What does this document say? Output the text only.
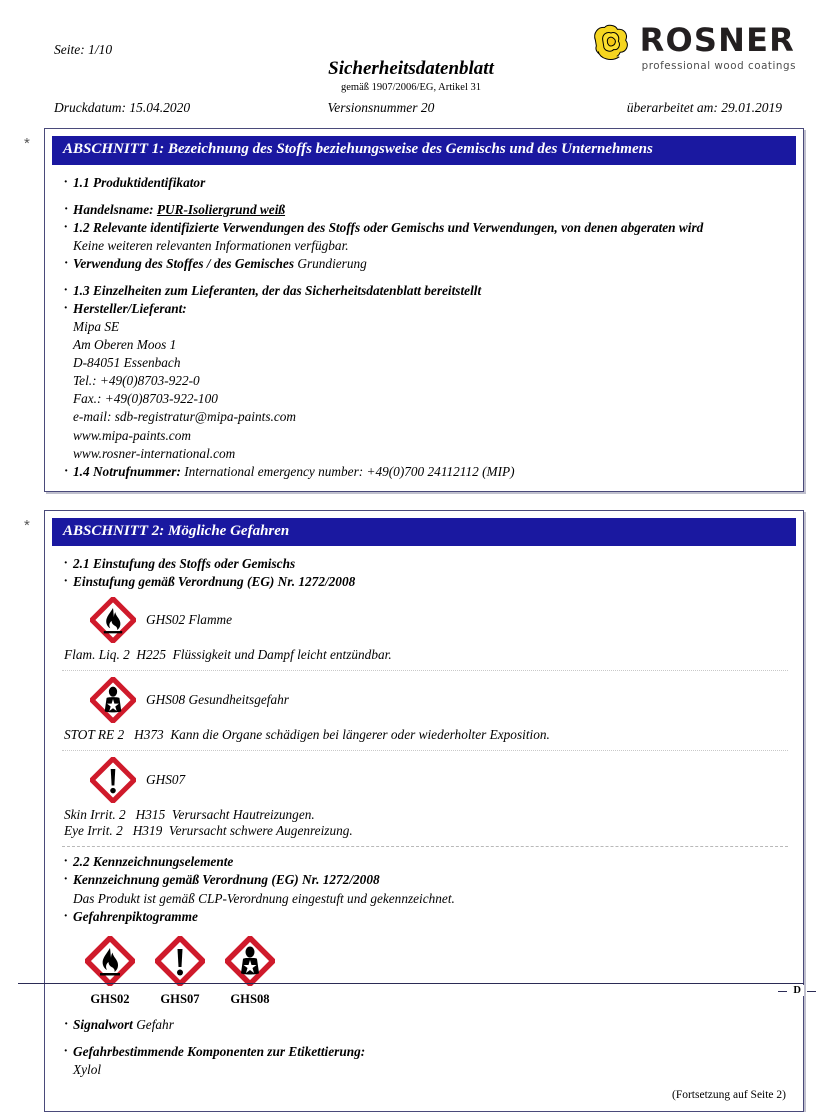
ROSNER
professional wood coatings
Seite: 1/10
Sicherheitsdatenblatt
gemäß 1907/2006/EG, Artikel 31
Druckdatum: 15.04.2020	Versionsnummer 20	überarbeitet am: 29.01.2019
*	ABSCHNITT 1: Bezeichnung des Stoffs beziehungsweise des Gemischs und des Unternehmens
· 1.1 Produktidentifikator
· Handelsname: PUR-Isoliergrund weiß
· 1.2 Relevante identifizierte Verwendungen des Stoffs oder Gemischs und Verwendungen, von denen abgeraten wird
Keine weiteren relevanten Informationen verfügbar.
· Verwendung des Stoffes / des Gemisches Grundierung
· 1.3 Einzelheiten zum Lieferanten, der das Sicherheitsdatenblatt bereitstellt
· Hersteller/Lieferant:
Mipa SE
Am Oberen Moos 1
D-84051 Essenbach
Tel.: +49(0)8703-922-0
Fax.: +49(0)8703-922-100
e-mail: sdb-registratur@mipa-paints.com
www.mipa-paints.com
www.rosner-international.com
· 1.4 Notrufnummer: International emergency number: +49(0)700 24112112 (MIP)
*	ABSCHNITT 2: Mögliche Gefahren
· 2.1 Einstufung des Stoffs oder Gemischs
· Einstufung gemäß Verordnung (EG) Nr. 1272/2008
GHS02 Flamme
Flam. Liq. 2 H225 Flüssigkeit und Dampf leicht entzündbar.
GHS08 Gesundheitsgefahr
STOT RE 2 H373 Kann die Organe schädigen bei längerer oder wiederholter Exposition.
GHS07
Skin Irrit. 2 H315 Verursacht Hautreizungen.
Eye Irrit. 2 H319 Verursacht schwere Augenreizung.
· 2.2 Kennzeichnungselemente
· Kennzeichnung gemäß Verordnung (EG) Nr. 1272/2008
Das Produkt ist gemäß CLP-Verordnung eingestuft und gekennzeichnet.
· Gefahrenpiktogramme
GHS02	GHS07	GHS08
· Signalwort Gefahr
· Gefahrbestimmende Komponenten zur Etikettierung:
Xylol
(Fortsetzung auf Seite 2)
D
